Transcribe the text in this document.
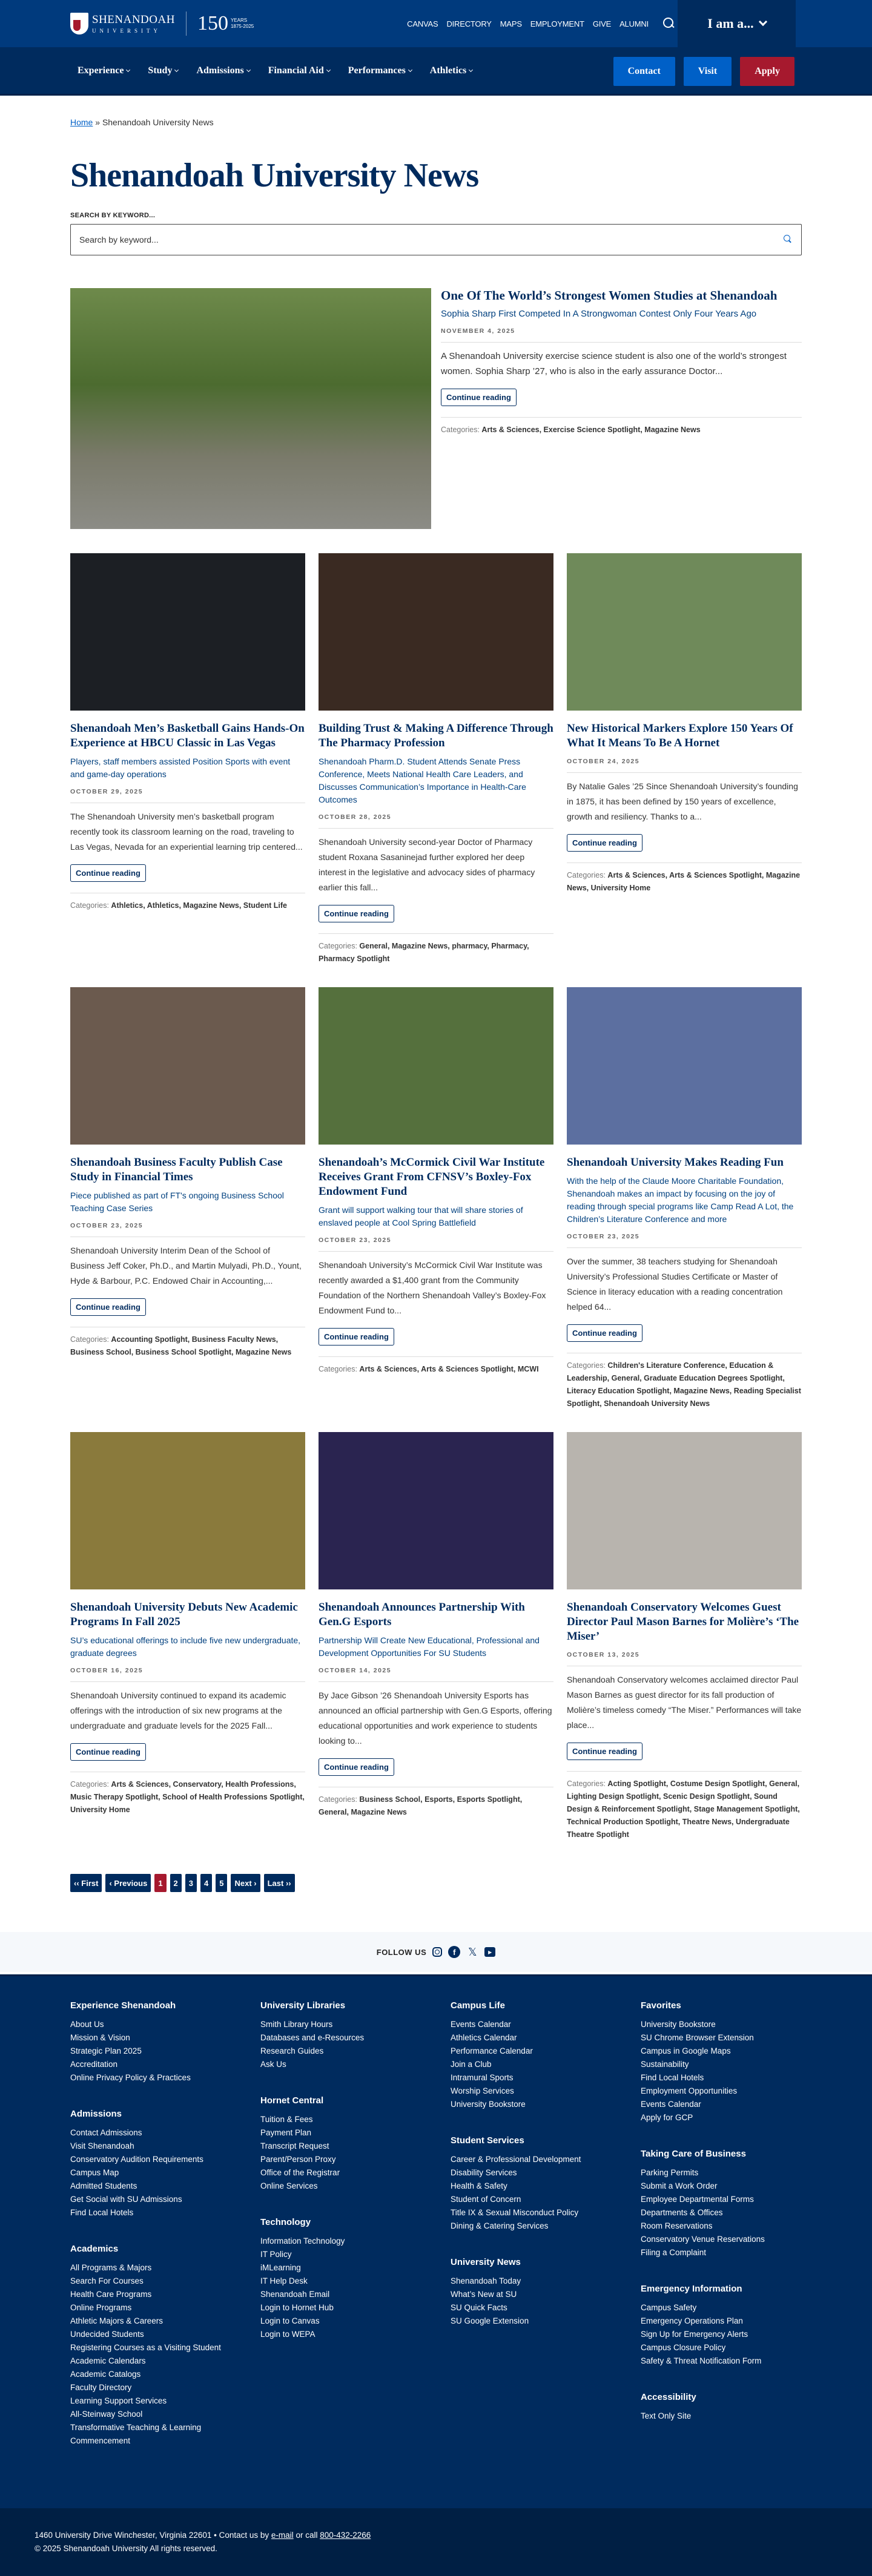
SHENANDOAH
UNIVERSITY	150 YEARS
1875-2025	CANVAS DIRECTORY MAPS EMPLOYMENT GIVE ALUMNI	I am a...
Experience	Study	Admissions	Financial Aid	Performances	Athletics	Contact	Visit	Apply
Home » Shenandoah University News
Shenandoah University News
SEARCH BY KEYWORD...
Search by keyword...
One Of The World’s Strongest Women Studies at Shenandoah
Sophia Sharp First Competed In A Strongwoman Contest Only Four Years Ago
NOVEMBER 4, 2025

A Shenandoah University exercise science student is also one of the world’s strongest women. Sophia Sharp ’27, who is also in the early assurance Doctor...

Continue reading
Categories: Arts & Sciences, Exercise Science Spotlight, Magazine News
Shenandoah Men’s Basketball Gains Hands-On Experience at HBCU Classic in Las Vegas
Players, staff members assisted Position Sports with event and game-day operations
OCTOBER 29, 2025

The Shenandoah University men’s basketball program recently took its classroom learning on the road, traveling to Las Vegas, Nevada for an experiential learning trip centered...

Continue reading
Categories: Athletics, Athletics, Magazine News, Student Life
Building Trust & Making A Difference Through The Pharmacy Profession
Shenandoah Pharm.D. Student Attends Senate Press Conference, Meets National Health Care Leaders, and Discusses Communication’s Importance in Health-Care Outcomes
OCTOBER 28, 2025

Shenandoah University second-year Doctor of Pharmacy student Roxana Sasaninejad further explored her deep interest in the legislative and advocacy sides of pharmacy earlier this fall...

Continue reading
Categories: General, Magazine News, pharmacy, Pharmacy, Pharmacy Spotlight
New Historical Markers Explore 150 Years Of What It Means To Be A Hornet
OCTOBER 24, 2025

By Natalie Gales ’25 Since Shenandoah University’s founding in 1875, it has been defined by 150 years of excellence, growth and resiliency. Thanks to a...

Continue reading
Categories: Arts & Sciences, Arts & Sciences Spotlight, Magazine News, University Home
Shenandoah Business Faculty Publish Case Study in Financial Times
Piece published as part of FT's ongoing Business School Teaching Case Series
OCTOBER 23, 2025

Shenandoah University Interim Dean of the School of Business Jeff Coker, Ph.D., and Martin Mulyadi, Ph.D., Yount, Hyde & Barbour, P.C. Endowed Chair in Accounting,...

Continue reading
Categories: Accounting Spotlight, Business Faculty News, Business School, Business School Spotlight, Magazine News
Shenandoah’s McCormick Civil War Institute Receives Grant From CFNSV’s Boxley-Fox Endowment Fund
Grant will support walking tour that will share stories of enslaved people at Cool Spring Battlefield
OCTOBER 23, 2025

Shenandoah University’s McCormick Civil War Institute was recently awarded a $1,400 grant from the Community Foundation of the Northern Shenandoah Valley’s Boxley-Fox Endowment Fund to...

Continue reading
Categories: Arts & Sciences, Arts & Sciences Spotlight, MCWI
Shenandoah University Makes Reading Fun
With the help of the Claude Moore Charitable Foundation, Shenandoah makes an impact by focusing on the joy of reading through special programs like Camp Read A Lot, the Children’s Literature Conference and more
OCTOBER 23, 2025

Over the summer, 38 teachers studying for Shenandoah University’s Professional Studies Certificate or Master of Science in literacy education with a reading concentration helped 64...

Continue reading
Categories: Children's Literature Conference, Education & Leadership, General, Graduate Education Degrees Spotlight, Literacy Education Spotlight, Magazine News, Reading Specialist Spotlight, Shenandoah University News
Shenandoah University Debuts New Academic Programs In Fall 2025
SU’s educational offerings to include five new undergraduate, graduate degrees
OCTOBER 16, 2025

Shenandoah University continued to expand its academic offerings with the introduction of six new programs at the undergraduate and graduate levels for the 2025 Fall...

Continue reading
Categories: Arts & Sciences, Conservatory, Health Professions, Music Therapy Spotlight, School of Health Professions Spotlight, University Home
Shenandoah Announces Partnership With Gen.G Esports
Partnership Will Create New Educational, Professional and Development Opportunities For SU Students
OCTOBER 14, 2025

By Jace Gibson ’26 Shenandoah University Esports has announced an official partnership with Gen.G Esports, offering educational opportunities and work experience to students looking to...

Continue reading
Categories: Business School, Esports, Esports Spotlight, General, Magazine News
Shenandoah Conservatory Welcomes Guest Director Paul Mason Barnes for Molière’s ‘The Miser’
OCTOBER 13, 2025

Shenandoah Conservatory welcomes acclaimed director Paul Mason Barnes as guest director for its fall production of Molière’s timeless comedy “The Miser.” Performances will take place...

Continue reading
Categories: Acting Spotlight, Costume Design Spotlight, General, Lighting Design Spotlight, Scenic Design Spotlight, Sound Design & Reinforcement Spotlight, Stage Management Spotlight, Technical Production Spotlight, Theatre News, Undergraduate Theatre Spotlight
‹‹ First	‹ Previous	1	2	3	4	5	Next ›	Last ››
FOLLOW US	f	𝕏	▶
Experience Shenandoah
About Us
Mission & Vision
Strategic Plan 2025
Accreditation
Online Privacy Policy & Practices
Admissions
Contact Admissions
Visit Shenandoah
Conservatory Audition Requirements
Campus Map
Admitted Students
Get Social with SU Admissions
Find Local Hotels
Academics
All Programs & Majors
Search For Courses
Health Care Programs
Online Programs
Athletic Majors & Careers
Undecided Students
Registering Courses as a Visiting Student
Academic Calendars
Academic Catalogs
Faculty Directory
Learning Support Services
All-Steinway School
Transformative Teaching & Learning
Commencement
University Libraries
Smith Library Hours
Databases and e-Resources
Research Guides
Ask Us
Hornet Central
Tuition & Fees
Payment Plan
Transcript Request
Parent/Person Proxy
Office of the Registrar
Online Services
Technology
Information Technology
IT Policy
iMLearning
IT Help Desk
Shenandoah Email
Login to Hornet Hub
Login to Canvas
Login to WEPA
Campus Life
Events Calendar
Athletics Calendar
Performance Calendar
Join a Club
Intramural Sports
Worship Services
University Bookstore
Student Services
Career & Professional Development
Disability Services
Health & Safety
Student of Concern
Title IX & Sexual Misconduct Policy
Dining & Catering Services
University News
Shenandoah Today
What’s New at SU
SU Quick Facts
SU Google Extension
Favorites
University Bookstore
SU Chrome Browser Extension
Campus in Google Maps
Sustainability
Find Local Hotels
Employment Opportunities
Events Calendar
Apply for GCP
Taking Care of Business
Parking Permits
Submit a Work Order
Employee Departmental Forms
Departments & Offices
Room Reservations
Conservatory Venue Reservations
Filing a Complaint
Emergency Information
Campus Safety
Emergency Operations Plan
Sign Up for Emergency Alerts
Campus Closure Policy
Safety & Threat Notification Form
Accessibility
Text Only Site
1460 University Drive Winchester, Virginia 22601 • Contact us by e-mail or call 800-432-2266
© 2025 Shenandoah University All rights reserved.
